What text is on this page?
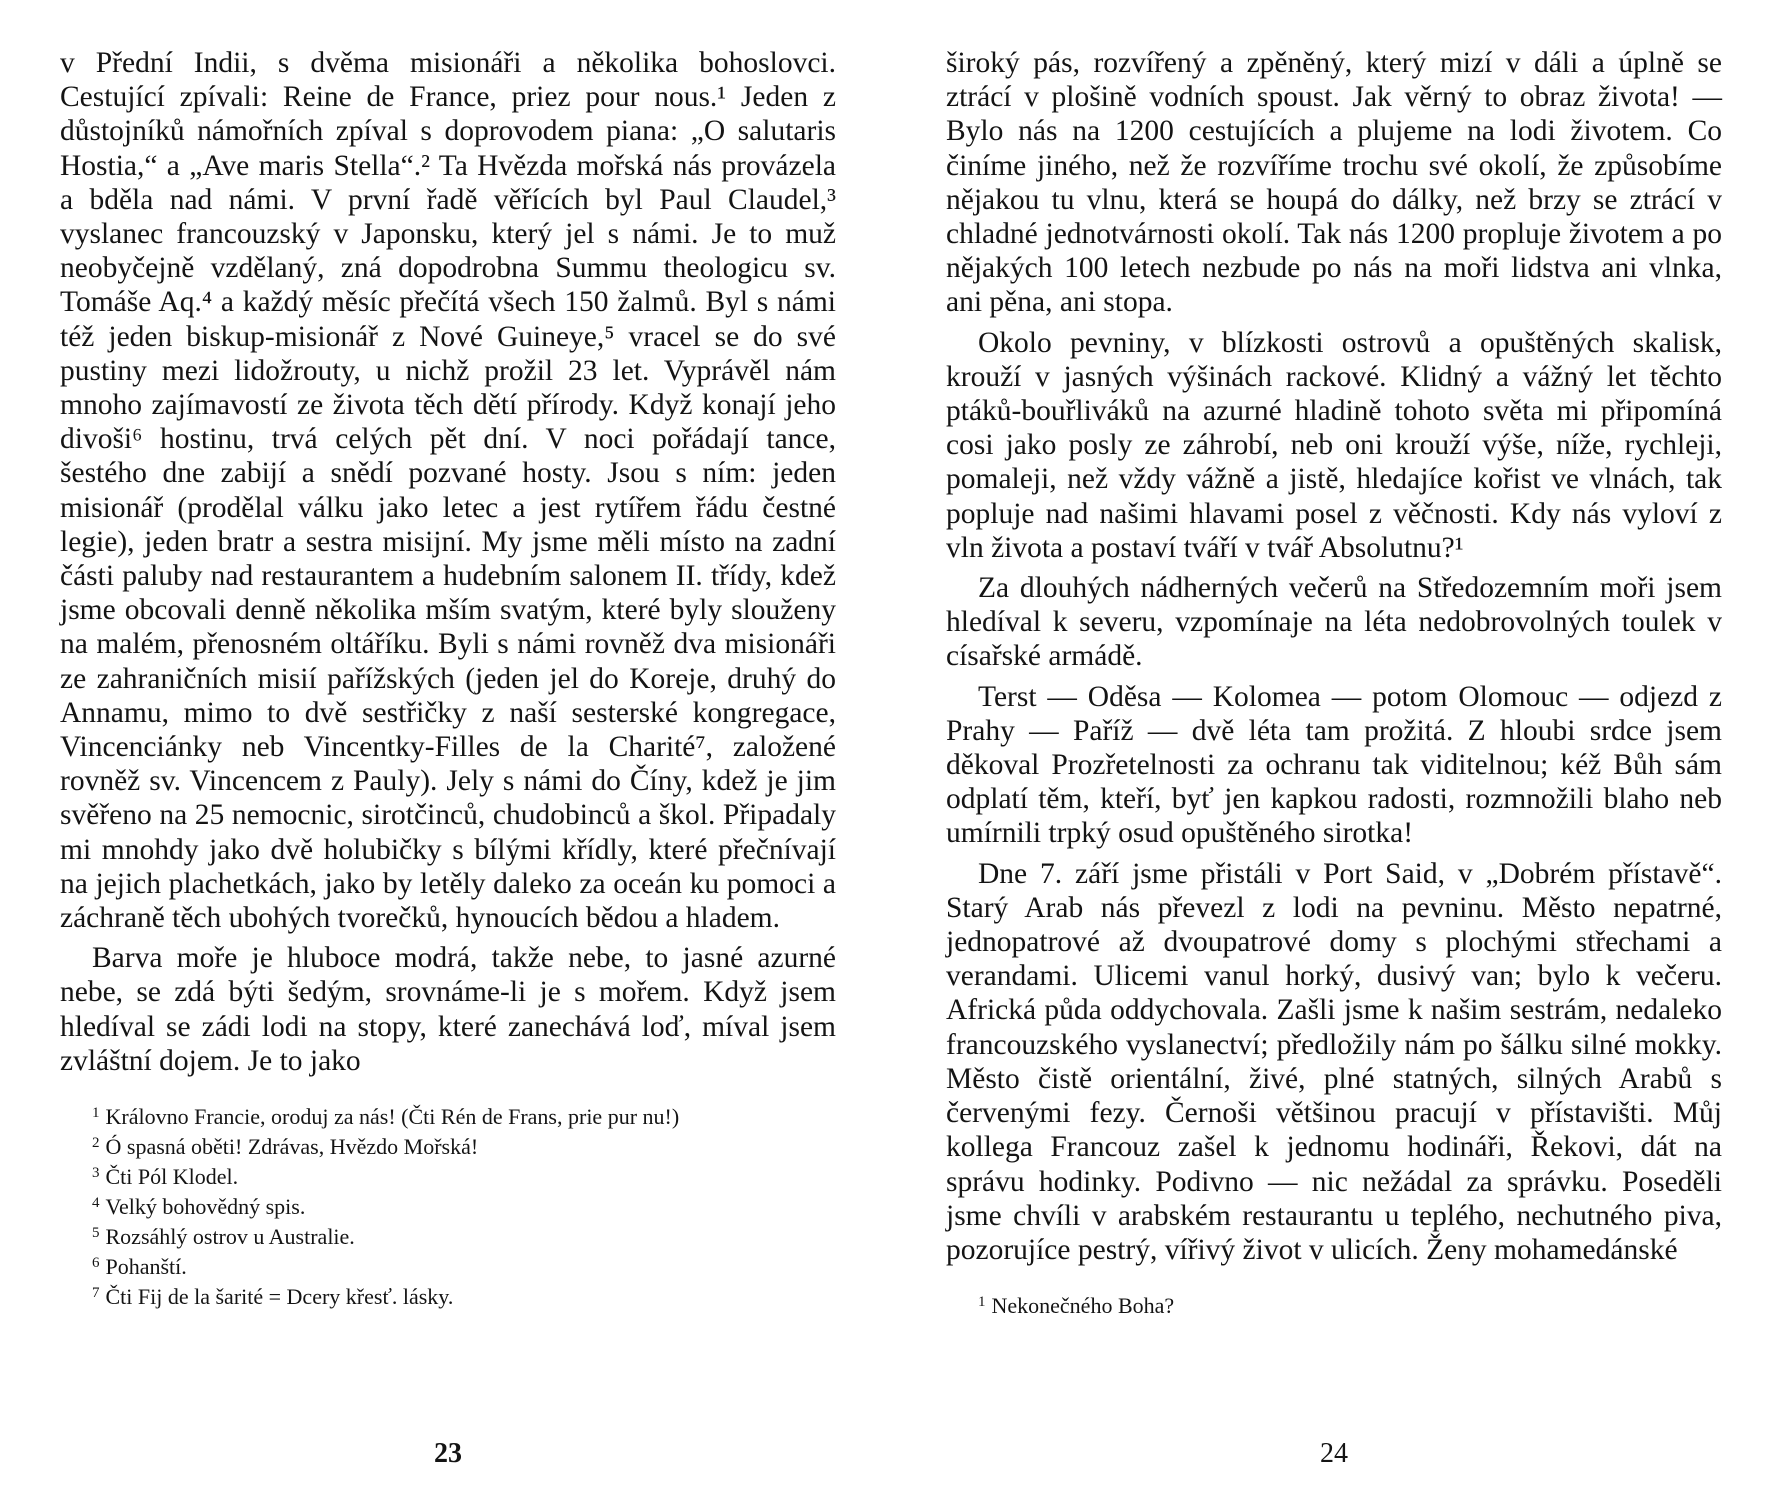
v Přední Indii, s dvěma misionáři a několika bohoslovci. Cestující zpívali: Reine de France, priez pour nous.¹ Jeden z důstojníků námořních zpíval s doprovodem piana: „O salutaris Hostia,“ a „Ave maris Stella“.² Ta Hvězda mořská nás provázela a bděla nad námi. V první řadě věřících byl Paul Claudel,³ vyslanec francouzský v Japonsku, který jel s námi. Je to muž neobyčejně vzdělaný, zná dopodrobna Summu theologicu sv. Tomáše Aq.⁴ a každý měsíc přečítá všech 150 žalmů. Byl s námi též jeden biskup-misionář z Nové Guineye,⁵ vracel se do své pustiny mezi lidožrouty, u nichž prožil 23 let. Vyprávěl nám mnoho zajímavostí ze života těch dětí přírody. Když konají jeho divoši⁶ hostinu, trvá celých pět dní. V noci pořádají tance, šestého dne zabijí a snědí pozvané hosty. Jsou s ním: jeden misionář (prodělal válku jako letec a jest rytířem řádu čestné legie), jeden bratr a sestra misijní. My jsme měli místo na zadní části paluby nad restaurantem a hudebním salonem II. třídy, kdež jsme obcovali denně několika mším svatým, které byly slouženy na malém, přenosném oltáříku. Byli s námi rovněž dva misionáři ze zahraničních misií pařížských (jeden jel do Koreje, druhý do Annamu, mimo to dvě sestřičky z naší sesterské kongregace, Vincenciánky neb Vincentky-Filles de la Charité⁷, založené rovněž sv. Vincencem z Pauly). Jely s námi do Číny, kdež je jim svěřeno na 25 nemocnic, sirotčinců, chudobinců a škol. Připadaly mi mnohdy jako dvě holubičky s bílými křídly, které přečnívají na jejich plachetkách, jako by letěly daleko za oceán ku pomoci a záchraně těch ubohých tvorečků, hynoucích bědou a hladem.

Barva moře je hluboce modrá, takže nebe, to jasné azurné nebe, se zdá býti šedým, srovnáme-li je s mořem. Když jsem hledíval se zádi lodi na stopy, které zanechává loď, míval jsem zvláštní dojem. Je to jako

$^1$ Královno Francie, oroduj za nás! (Čti Rén de Frans, prie pur nu!)

$^2$ Ó spasná oběti! Zdrávas, Hvězdo Mořská!

$^3$ Čti Pól Klodel.

$^4$ Velký bohovědný spis.

$^5$ Rozsáhlý ostrov u Australie.

$^6$ Pohanští.

$^7$ Čti Fij de la šarité = Dcery křesť. lásky.

široký pás, rozvířený a zpěněný, který mizí v dáli a úplně se ztrácí v plošině vodních spoust. Jak věrný to obraz života! — Bylo nás na 1200 cestujících a plujeme na lodi životem. Co činíme jiného, než že rozvíříme trochu své okolí, že způsobíme nějakou tu vlnu, která se houpá do dálky, než brzy se ztrácí v chladné jednotvárnosti okolí. Tak nás 1200 propluje životem a po nějakých 100 letech nezbude po nás na moři lidstva ani vlnka, ani pěna, ani stopa.

Okolo pevniny, v blízkosti ostrovů a opuštěných skalisk, krouží v jasných výšinách rackové. Klidný a vážný let těchto ptáků-bouřliváků na azurné hladině tohoto světa mi připomíná cosi jako posly ze záhrobí, neb oni krouží výše, níže, rychleji, pomaleji, než vždy vážně a jistě, hledajíce kořist ve vlnách, tak popluje nad našimi hlavami posel z věčnosti. Kdy nás vyloví z vln života a postaví tváří v tvář Absolutnu?¹

Za dlouhých nádherných večerů na Středozemním moři jsem hledíval k severu, vzpomínaje na léta nedobrovolných toulek v císařské armádě.

Terst — Oděsa — Kolomea — potom Olomouc — odjezd z Prahy — Paříž — dvě léta tam prožitá. Z hloubi srdce jsem děkoval Prozřetelnosti za ochranu tak viditelnou; kéž Bůh sám odplatí těm, kteří, byť jen kapkou radosti, rozmnožili blaho neb umírnili trpký osud opuštěného sirotka!

Dne 7. září jsme přistáli v Port Said, v „Dobrém přístavě“. Starý Arab nás převezl z lodi na pevninu. Město nepatrné, jednopatrové až dvoupatrové domy s plochými střechami a verandami. Ulicemi vanul horký, dusivý van; bylo k večeru. Africká půda oddychovala. Zašli jsme k našim sestrám, nedaleko francouzského vyslanectví; předložily nám po šálku silné mokky. Město čistě orientální, živé, plné statných, silných Arabů s červenými fezy. Černoši většinou pracují v přístavišti. Můj kollega Francouz zašel k jednomu hodináři, Řekovi, dát na správu hodinky. Podivno — nic nežádal za správku. Poseděli jsme chvíli v arabském restaurantu u teplého, nechutného piva, pozorujíce pestrý, vířivý život v ulicích. Ženy mohamedánské

$^1$ Nekonečného Boha?

23	24
